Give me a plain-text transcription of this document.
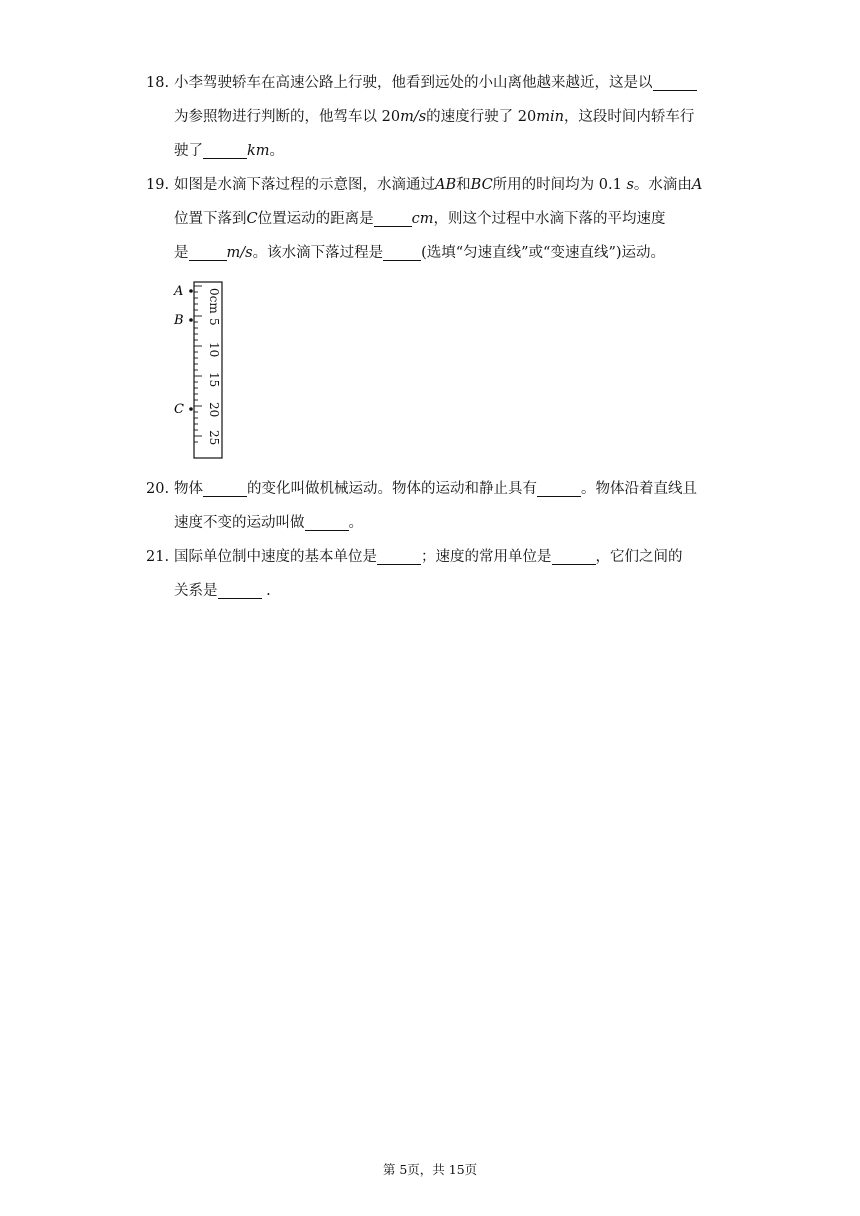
18. 小李驾驶轿车在高速公路上行驶，他看到远处的小山离他越来越近，这是以
为参照物进行判断的，他驾车以 20m/s的速度行驶了 20min，这段时间内轿车行
驶了	km。
19. 如图是水滴下落过程的示意图，水滴通过AB和BC所用的时间均为 0.1 s。水滴由A
位置下落到C位置运动的距离是	cm，则这个过程中水滴下落的平均速度
是	m/s。该水滴下落过程是	(选填“匀速直线”或“变速直线”)运动。
A
B
C
0cm
5
10
15
20
25
20. 物体	的变化叫做机械运动。物体的运动和静止具有	。物体沿着直线且
速度不变的运动叫做	。
21. 国际单位制中速度的基本单位是	；速度的常用单位是	，它们之间的
关系是	.
第 5页，共 15页
